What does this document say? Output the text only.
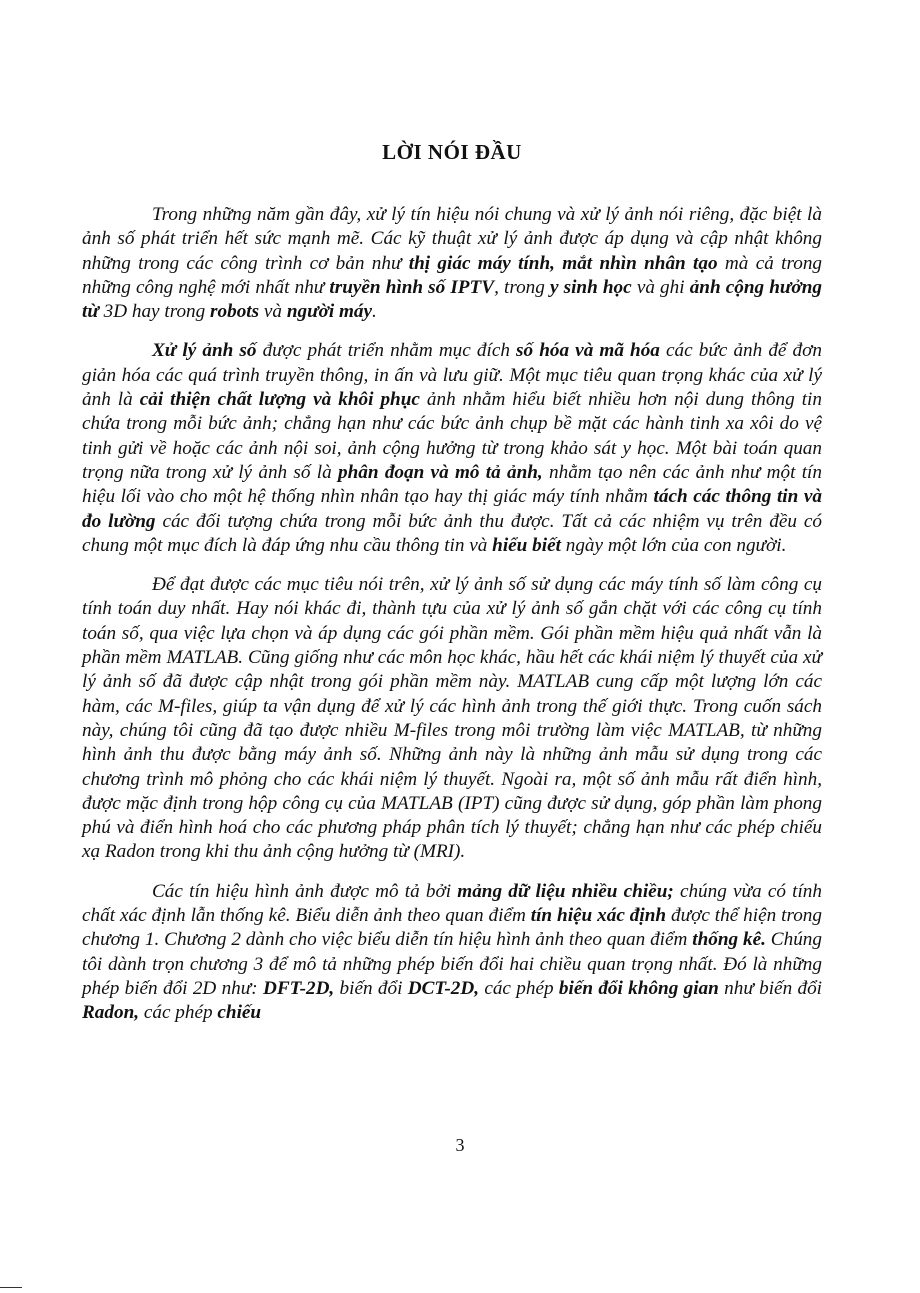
LỜI NÓI ĐẦU

Trong những năm gần đây, xử lý tín hiệu nói chung và xử lý ảnh nói riêng, đặc biệt là ảnh số phát triển hết sức mạnh mẽ. Các kỹ thuật xử lý ảnh được áp dụng và cập nhật không những trong các công trình cơ bản như thị giác máy tính, mắt nhìn nhân tạo mà cả trong những công nghệ mới nhất như truyền hình số IPTV, trong y sinh học và ghi ảnh cộng hưởng từ 3D hay trong robots và người máy.

Xử lý ảnh số được phát triển nhằm mục đích số hóa và mã hóa các bức ảnh để đơn giản hóa các quá trình truyền thông, in ấn và lưu giữ. Một mục tiêu quan trọng khác của xử lý ảnh là cải thiện chất lượng và khôi phục ảnh nhằm hiểu biết nhiều hơn nội dung thông tin chứa trong mỗi bức ảnh; chẳng hạn như các bức ảnh chụp bề mặt các hành tinh xa xôi do vệ tinh gửi về hoặc các ảnh nội soi, ảnh cộng hưởng từ trong khảo sát y học. Một bài toán quan trọng nữa trong xử lý ảnh số là phân đoạn và mô tả ảnh, nhằm tạo nên các ảnh như một tín hiệu lối vào cho một hệ thống nhìn nhân tạo hay thị giác máy tính nhằm tách các thông tin và đo lường các đối tượng chứa trong mỗi bức ảnh thu được. Tất cả các nhiệm vụ trên đều có chung một mục đích là đáp ứng nhu cầu thông tin và hiểu biết ngày một lớn của con người.

Để đạt được các mục tiêu nói trên, xử lý ảnh số sử dụng các máy tính số làm công cụ tính toán duy nhất. Hay nói khác đi, thành tựu của xử lý ảnh số gắn chặt với các công cụ tính toán số, qua việc lựa chọn và áp dụng các gói phần mềm. Gói phần mềm hiệu quả nhất vẫn là phần mềm MATLAB. Cũng giống như các môn học khác, hầu hết các khái niệm lý thuyết của xử lý ảnh số đã được cập nhật trong gói phần mềm này. MATLAB cung cấp một lượng lớn các hàm, các M-files, giúp ta vận dụng để xử lý các hình ảnh trong thế giới thực. Trong cuốn sách này, chúng tôi cũng đã tạo được nhiều M-files trong môi trường làm việc MATLAB, từ những hình ảnh thu được bằng máy ảnh số. Những ảnh này là những ảnh mẫu sử dụng trong các chương trình mô phỏng cho các khái niệm lý thuyết. Ngoài ra, một số ảnh mẫu rất điển hình, được mặc định trong hộp công cụ của MATLAB (IPT) cũng được sử dụng, góp phần làm phong phú và điển hình hoá cho các phương pháp phân tích lý thuyết; chẳng hạn như các phép chiếu xạ Radon trong khi thu ảnh cộng hưởng từ (MRI).

Các tín hiệu hình ảnh được mô tả bởi mảng dữ liệu nhiều chiều; chúng vừa có tính chất xác định lẫn thống kê. Biểu diễn ảnh theo quan điểm tín hiệu xác định được thể hiện trong chương 1. Chương 2 dành cho việc biểu diễn tín hiệu hình ảnh theo quan điểm thống kê. Chúng tôi dành trọn chương 3 để mô tả những phép biến đổi hai chiều quan trọng nhất. Đó là những phép biến đổi 2D như: DFT-2D, biến đổi DCT-2D, các phép biến đổi không gian như biến đổi Radon, các phép chiếu

3
